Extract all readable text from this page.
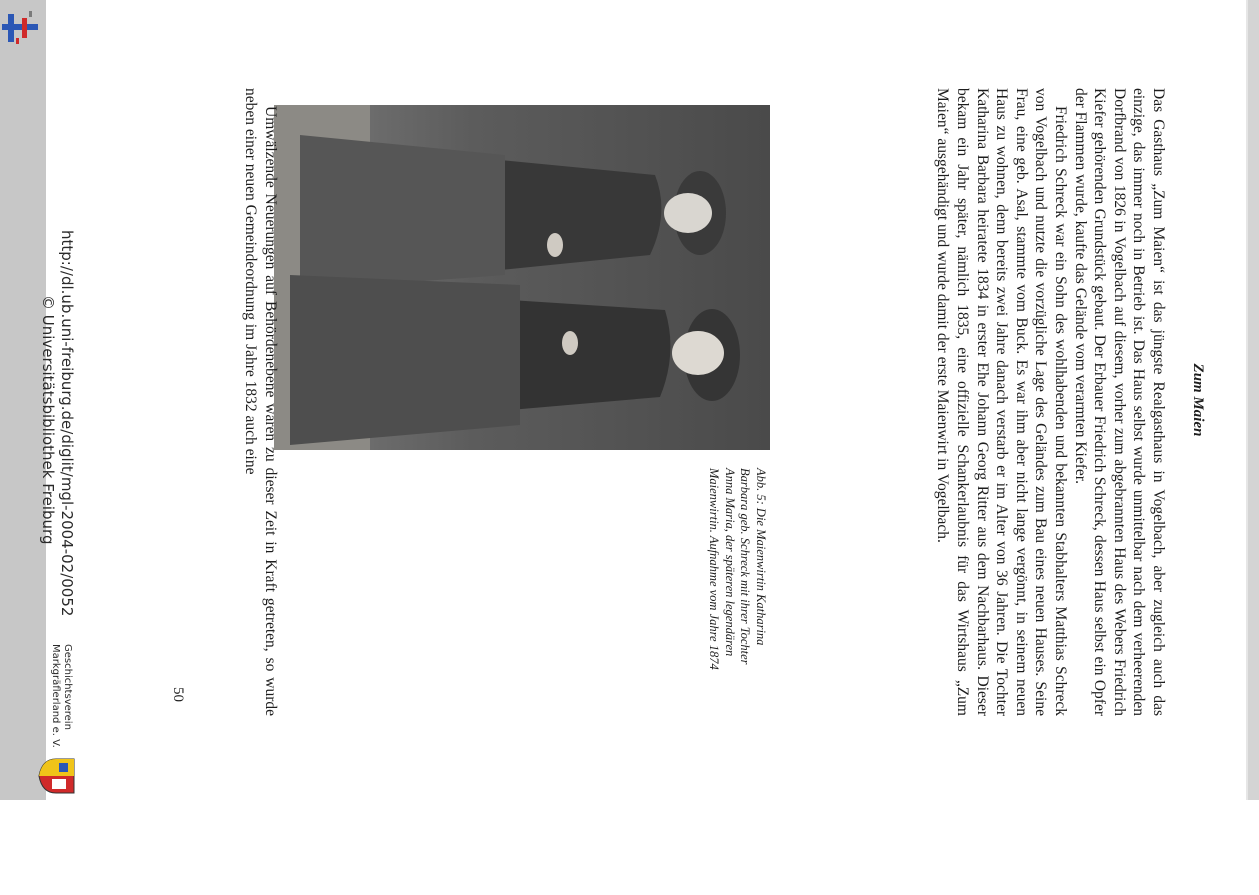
Zum Maien

Das Gasthaus „Zum Maien“ ist das jüngste Realgasthaus in Vogelbach, aber zugleich auch das einzige, das immer noch in Betrieb ist. Das Haus selbst wurde unmittelbar nach dem verheerenden Dorfbrand von 1826 in Vogelbach auf diesem, vorher zum abgebrannten Haus des Webers Friedrich Kiefer gehörenden Grundstück gebaut. Der Erbauer Friedrich Schreck, dessen Haus selbst ein Opfer der Flammen wurde, kaufte das Gelände vom verarmten Kiefer.

Friedrich Schreck war ein Sohn des wohlhabenden und bekannten Stabhalters Matthias Schreck von Vogelbach und nutzte die vorzügliche Lage des Geländes zum Bau eines neuen Hauses. Seine Frau, eine geb. Asal, stammte vom Buck. Es war ihm aber nicht lange vergönnt, in seinem neuen Haus zu wohnen, denn bereits zwei Jahre danach verstarb er im Alter von 36 Jahren. Die Tochter Katharina Barbara heiratete 1834 in erster Ehe Johann Georg Ritter aus dem Nachbarhaus. Dieser bekam ein Jahr später, nämlich 1835, eine offizielle Schankerlaubnis für das Wirtshaus „Zum Maien“ ausgehändigt und wurde damit der erste Maienwirt in Vogelbach.

Abb. 5: Die Maienwirtin Katharina
Barbara geb. Schreck mit ihrer Tochter
Anna Maria, der späteren legendären
Maienwirtin. Aufnahme vom Jahre 1874

Umwälzende Neuerungen auf Behördenebene waren zu dieser Zeit in Kraft getreten, so wurde neben einer neuen Gemeindeordnung im Jahre 1832 auch eine

50
http://dl.ub.uni-freiburg.de/diglit/mgl-2004-02/0052
© Universitätsbibliothek Freiburg
Geschichtsverein
Markgräflerland e. V.
